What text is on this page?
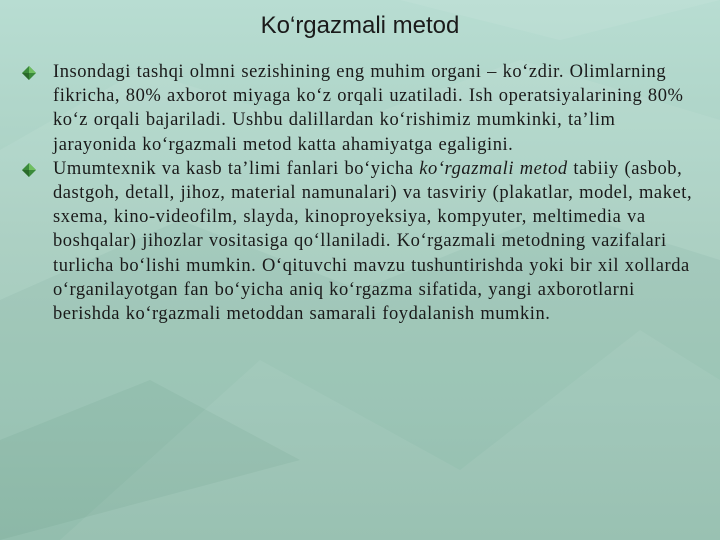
Ko‘rgazmali metod
Insondagi tashqi olmni sezishining eng muhim organi – ko‘zdir. Olimlarning fikricha, 80% axborot miyaga ko‘z orqali uzatiladi. Ish operatsiyalarining 80% ko‘z orqali bajariladi. Ushbu dalillardan ko‘rishimiz mumkinki, ta’lim jarayonida ko‘rgazmali metod katta ahamiyatga egaligini.
Umumtexnik va kasb ta’limi fanlari bo‘yicha ko‘rgazmali metod tabiiy (asbob, dastgoh, detall, jihoz, material namunalari) va tasviriy (plakatlar, model, maket, sxema, kino-videofilm, slayda, kinoproyeksiya, kompyuter, meltimedia va boshqalar) jihozlar vositasiga qo‘llaniladi. Ko‘rgazmali metodning vazifalari turlicha bo‘lishi mumkin. O‘qituvchi mavzu tushuntirishda yoki bir xil xollarda o‘rganilayotgan fan bo‘yicha aniq ko‘rgazma sifatida, yangi axborotlarni berishda ko‘rgazmali metoddan samarali foydalanish mumkin.
